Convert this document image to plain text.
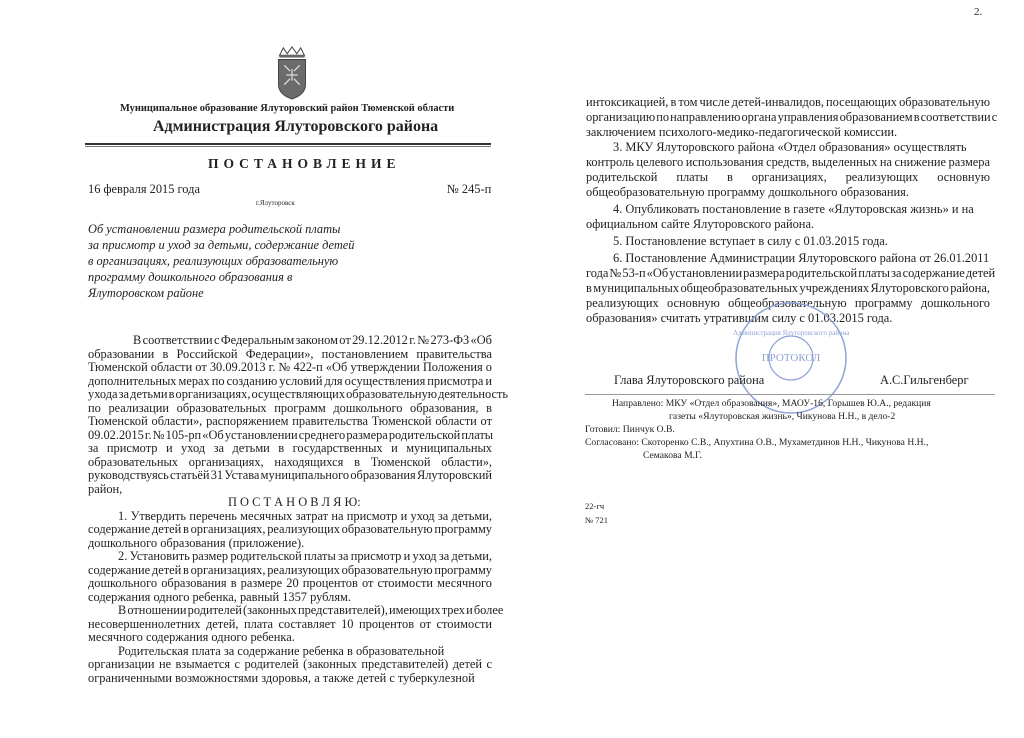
2.
Муниципальное образование Ялуторовский район Тюменской области
Администрация Ялуторовского района
ПОСТАНОВЛЕНИЕ
16 февраля 2015 года	№ 245-п
г.Ялуторовск
Об установлении размера родительской платы
за присмотр и уход за детьми, содержание детей
в организациях, реализующих образовательную
программу дошкольного образования в
Ялуторовском районе
В соответствии с Федеральным законом от 29.12.2012 г. № 273-ФЗ «Об
образовании в Российской Федерации», постановлением правительства
Тюменской области от 30.09.2013 г. № 422-п «Об утверждении Положения о
дополнительных мерах по созданию условий для осуществления присмотра и
ухода за детьми в организациях, осуществляющих образовательную деятельность
по реализации образовательных программ дошкольного образования, в
Тюменской области», распоряжением правительства Тюменской области от
09.02.2015 г. № 105-рп «Об установлении среднего размера родительской платы
за присмотр и уход за детьми в государственных и муниципальных
образовательных организациях, находящихся в Тюменской области»,
руководствуясь статьёй 31 Устава муниципального образования Ялуторовский
район,
П О С Т А Н О В Л Я Ю:
1. Утвердить перечень месячных затрат на присмотр и уход за детьми,
содержание детей в организациях, реализующих образовательную программу
дошкольного образования (приложение).
2. Установить размер родительской платы за присмотр и уход за детьми,
содержание детей в организациях, реализующих образовательную программу
дошкольного образования в размере 20 процентов от стоимости месячного
содержания одного ребенка, равный 1357 рублям.
В отношении родителей (законных представителей), имеющих трех и более
несовершеннолетних детей, плата составляет 10 процентов от стоимости
месячного содержания одного ребенка.
Родительская плата за содержание ребенка в образовательной
организации не взымается с родителей (законных представителей) детей с
ограниченными возможностями здоровья, а также детей с туберкулезной
интоксикацией, в том числе детей-инвалидов, посещающих образовательную
организацию по направлению органа управления образованием в соответствии с
заключением психолого-медико-педагогической комиссии.
3. МКУ Ялуторовского района «Отдел образования» осуществлять
контроль целевого использования средств, выделенных на снижение размера
родительской платы в организациях, реализующих основную
общеобразовательную программу дошкольного образования.
4. Опубликовать постановление в газете «Ялуторовская жизнь» и на
официальном сайте Ялуторовского района.
5. Постановление вступает в силу с 01.03.2015 года.
6. Постановление Администрации Ялуторовского района от 26.01.2011
года № 53-п «Об установлении размера родительской платы за содержание детей
в муниципальных общеобразовательных учреждениях Ялуторовского района,
реализующих основную общеобразовательную программу дошкольного
образования» считать утратившим силу с 01.03.2015 года.
Администрация Ялуторовского района
ПРОТОКОЛ
Глава Ялуторовского района	А.С.Гильгенберг
Направлено: МКУ «Отдел образования», МАОУ-16, Горышев Ю.А., редакция
газеты «Ялуторовская жизнь», Чикунова Н.Н., в дело-2
Готовил: Пинчук О.В.
Согласовано: Скоторенко С.В., Апухтина О.В., Мухаметдинов Н.Н., Чикунова Н.Н.,
Семакова М.Г.
22-гч
№ 721
